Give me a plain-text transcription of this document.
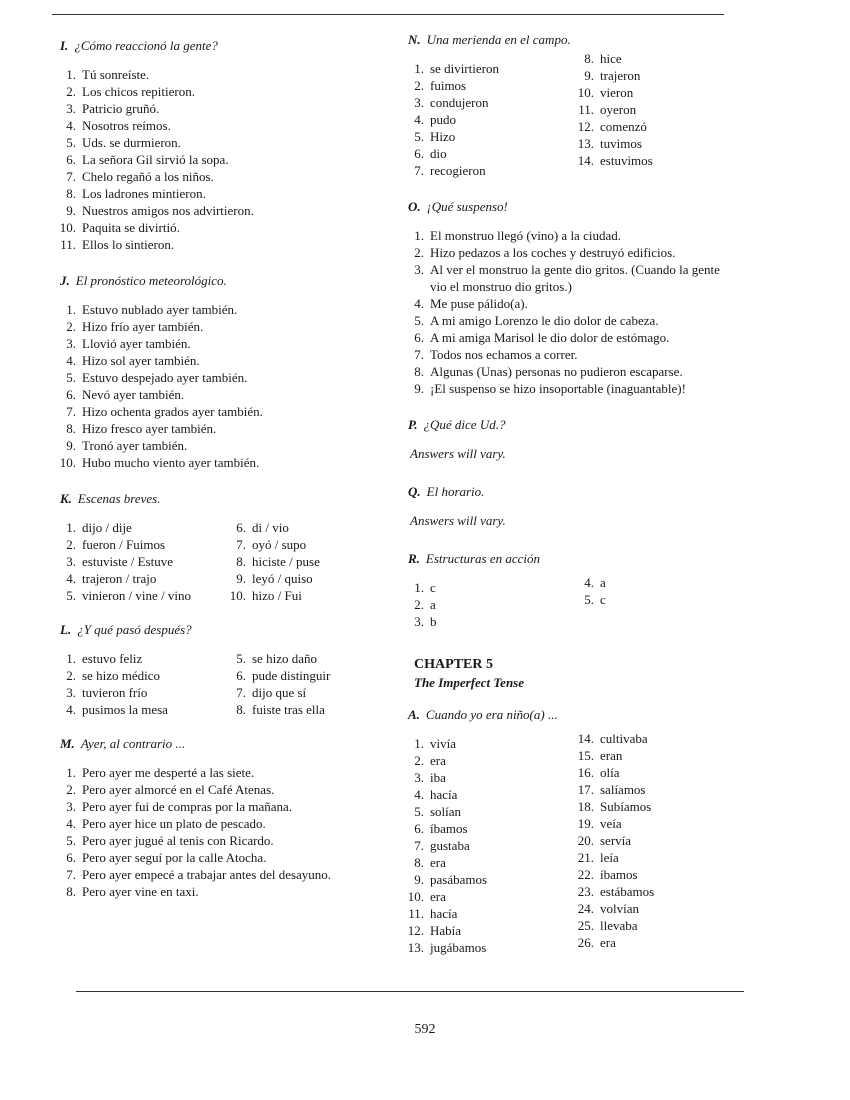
I. ¿Cómo reaccionó la gente?
1. Tú sonreíste.
2. Los chicos repitieron.
3. Patricio gruñó.
4. Nosotros reímos.
5. Uds. se durmieron.
6. La señora Gil sirvió la sopa.
7. Chelo regañó a los niños.
8. Los ladrones mintieron.
9. Nuestros amigos nos advirtieron.
10. Paquita se divirtió.
11. Ellos lo sintieron.
J. El pronóstico meteorológico.
1. Estuvo nublado ayer también.
2. Hizo frío ayer también.
3. Llovió ayer también.
4. Hizo sol ayer también.
5. Estuvo despejado ayer también.
6. Nevó ayer también.
7. Hizo ochenta grados ayer también.
8. Hizo fresco ayer también.
9. Tronó ayer también.
10. Hubo mucho viento ayer también.
K. Escenas breves.
1. dijo / dije
2. fueron / Fuimos
3. estuviste / Estuve
4. trajeron / trajo
5. vinieron / vine / vino
6. di / vio
7. oyó / supo
8. hiciste / puse
9. leyó / quiso
10. hizo / Fui
L. ¿Y qué pasó después?
1. estuvo feliz
2. se hizo médico
3. tuvieron frío
4. pusimos la mesa
5. se hizo daño
6. pude distinguir
7. dijo que sí
8. fuiste tras ella
M. Ayer, al contrario ...
1. Pero ayer me desperté a las siete.
2. Pero ayer almorcé en el Café Atenas.
3. Pero ayer fui de compras por la mañana.
4. Pero ayer hice un plato de pescado.
5. Pero ayer jugué al tenis con Ricardo.
6. Pero ayer seguí por la calle Atocha.
7. Pero ayer empecé a trabajar antes del desayuno.
8. Pero ayer vine en taxi.
N. Una merienda en el campo.
1. se divirtieron
2. fuimos
3. condujeron
4. pudo
5. Hizo
6. dio
7. recogieron
8. hice
9. trajeron
10. vieron
11. oyeron
12. comenzó
13. tuvimos
14. estuvimos
O. ¡Qué suspenso!
1. El monstruo llegó (vino) a la ciudad.
2. Hizo pedazos a los coches y destruyó edificios.
3. Al ver el monstruo la gente dio gritos. (Cuando la gente vio el monstruo dio gritos.)
4. Me puse pálido(a).
5. A mi amigo Lorenzo le dio dolor de cabeza.
6. A mi amiga Marisol le dio dolor de estómago.
7. Todos nos echamos a correr.
8. Algunas (Unas) personas no pudieron escaparse.
9. ¡El suspenso se hizo insoportable (inaguantable)!
P. ¿Qué dice Ud.?
Answers will vary.
Q. El horario.
Answers will vary.
R. Estructuras en acción
1. c
2. a
3. b
4. a
5. c
CHAPTER 5
The Imperfect Tense
A. Cuando yo era niño(a) ...
1. vivía
2. era
3. iba
4. hacía
5. solían
6. íbamos
7. gustaba
8. era
9. pasábamos
10. era
11. hacía
12. Había
13. jugábamos
14. cultivaba
15. eran
16. olía
17. salíamos
18. Subíamos
19. veía
20. servía
21. leía
22. íbamos
23. estábamos
24. volvían
25. llevaba
26. era
592
